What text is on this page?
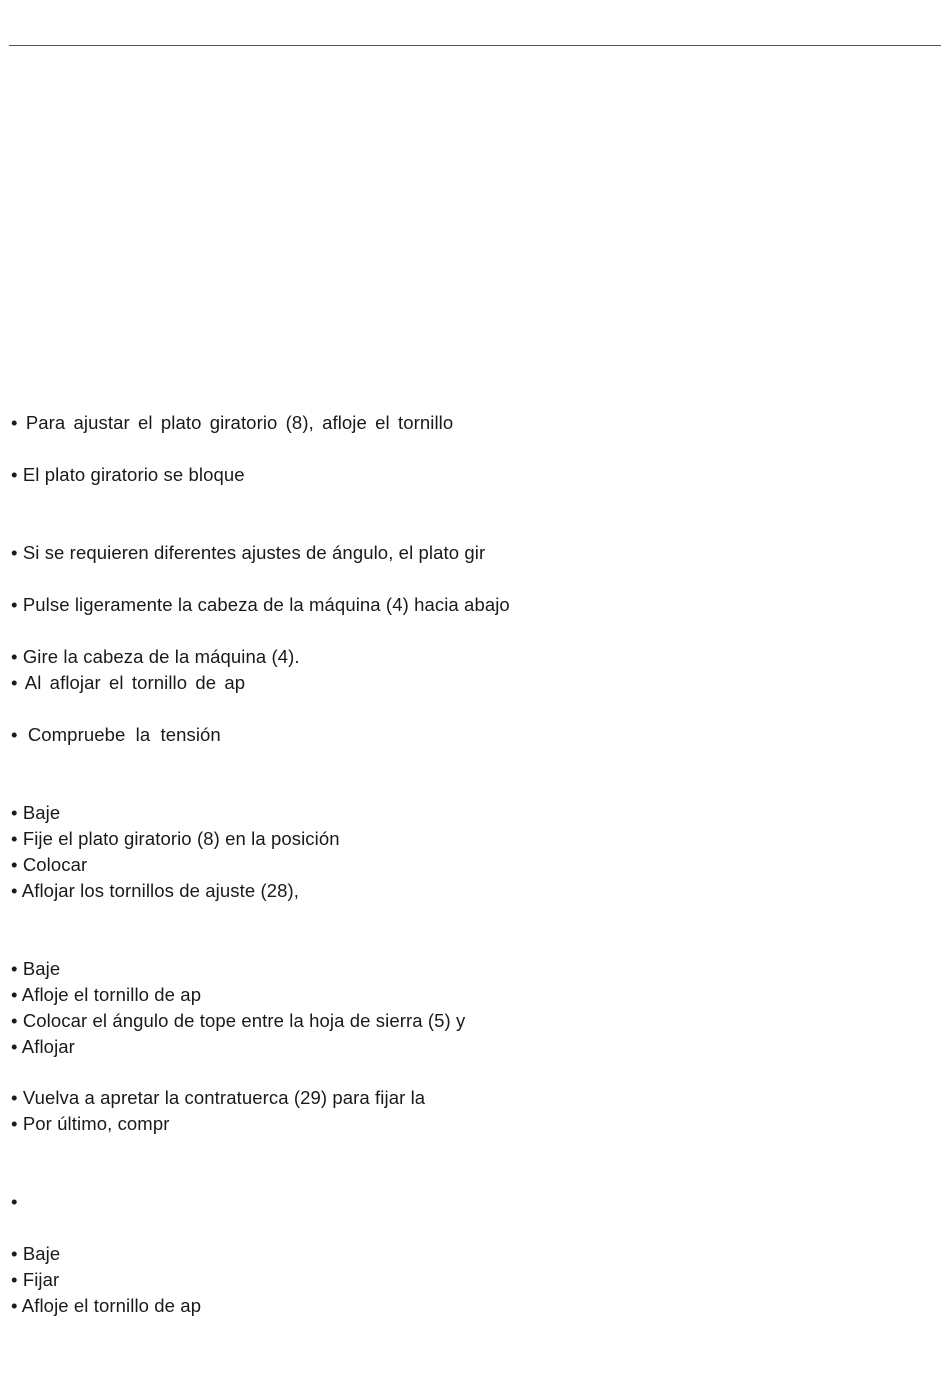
• Para ajustar el plato giratorio (8), afloje el tornillo
• El plato giratorio se bloque
• Si se requieren diferentes ajustes de ángulo, el plato gir
• Pulse ligeramente la cabeza de la máquina (4) hacia abajo
• Gire la cabeza de la máquina (4).
• Al aflojar el tornillo de ap
• Compruebe la tensión
• Baje
• Fije el plato giratorio (8) en la posición
• Colocar
• Aflojar los tornillos de ajuste (28),
• Baje
• Afloje el tornillo de ap
• Colocar el ángulo de tope entre la hoja de sierra (5) y
• Aflojar
• Vuelva a apretar la contratuerca (29) para fijar la
• Por último, compr
•
• Baje
• Fijar
• Afloje el tornillo de ap
